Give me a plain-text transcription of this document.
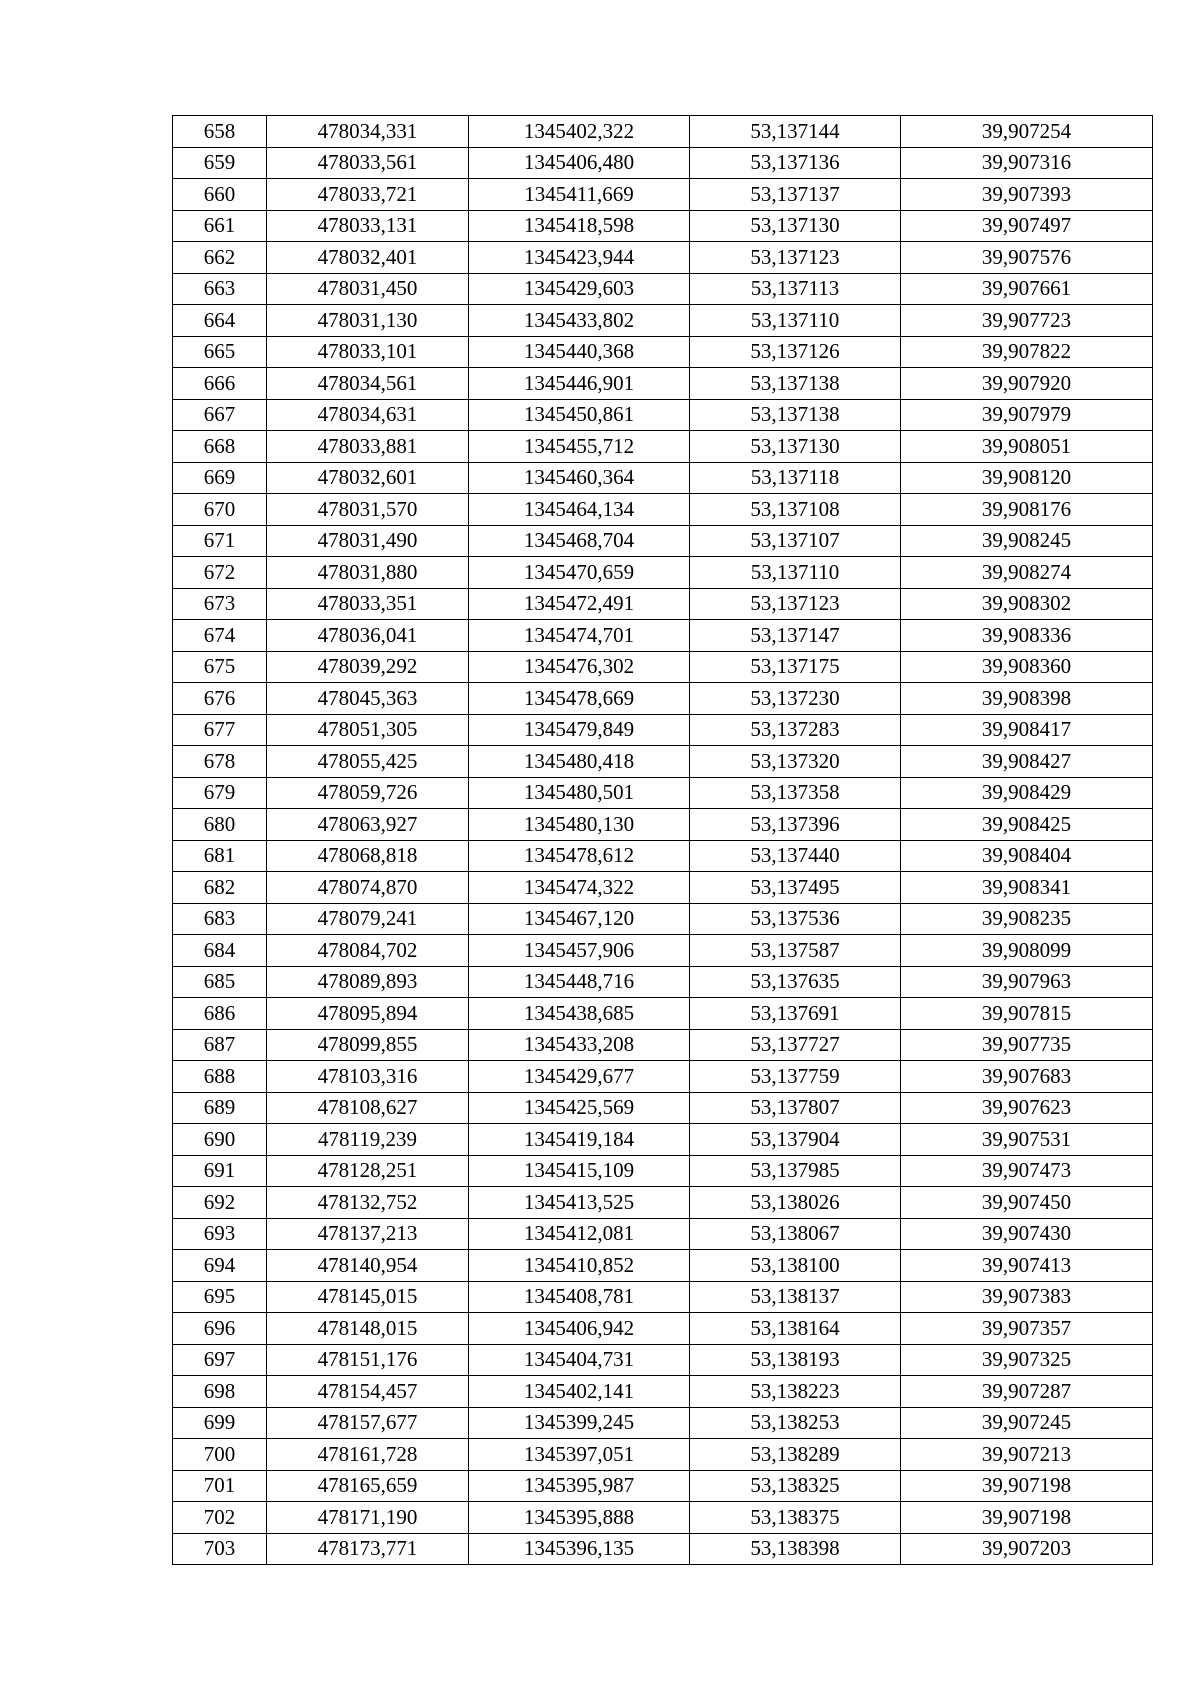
658	478034,331	1345402,322	53,137144	39,907254
659	478033,561	1345406,480	53,137136	39,907316
660	478033,721	1345411,669	53,137137	39,907393
661	478033,131	1345418,598	53,137130	39,907497
662	478032,401	1345423,944	53,137123	39,907576
663	478031,450	1345429,603	53,137113	39,907661
664	478031,130	1345433,802	53,137110	39,907723
665	478033,101	1345440,368	53,137126	39,907822
666	478034,561	1345446,901	53,137138	39,907920
667	478034,631	1345450,861	53,137138	39,907979
668	478033,881	1345455,712	53,137130	39,908051
669	478032,601	1345460,364	53,137118	39,908120
670	478031,570	1345464,134	53,137108	39,908176
671	478031,490	1345468,704	53,137107	39,908245
672	478031,880	1345470,659	53,137110	39,908274
673	478033,351	1345472,491	53,137123	39,908302
674	478036,041	1345474,701	53,137147	39,908336
675	478039,292	1345476,302	53,137175	39,908360
676	478045,363	1345478,669	53,137230	39,908398
677	478051,305	1345479,849	53,137283	39,908417
678	478055,425	1345480,418	53,137320	39,908427
679	478059,726	1345480,501	53,137358	39,908429
680	478063,927	1345480,130	53,137396	39,908425
681	478068,818	1345478,612	53,137440	39,908404
682	478074,870	1345474,322	53,137495	39,908341
683	478079,241	1345467,120	53,137536	39,908235
684	478084,702	1345457,906	53,137587	39,908099
685	478089,893	1345448,716	53,137635	39,907963
686	478095,894	1345438,685	53,137691	39,907815
687	478099,855	1345433,208	53,137727	39,907735
688	478103,316	1345429,677	53,137759	39,907683
689	478108,627	1345425,569	53,137807	39,907623
690	478119,239	1345419,184	53,137904	39,907531
691	478128,251	1345415,109	53,137985	39,907473
692	478132,752	1345413,525	53,138026	39,907450
693	478137,213	1345412,081	53,138067	39,907430
694	478140,954	1345410,852	53,138100	39,907413
695	478145,015	1345408,781	53,138137	39,907383
696	478148,015	1345406,942	53,138164	39,907357
697	478151,176	1345404,731	53,138193	39,907325
698	478154,457	1345402,141	53,138223	39,907287
699	478157,677	1345399,245	53,138253	39,907245
700	478161,728	1345397,051	53,138289	39,907213
701	478165,659	1345395,987	53,138325	39,907198
702	478171,190	1345395,888	53,138375	39,907198
703	478173,771	1345396,135	53,138398	39,907203
